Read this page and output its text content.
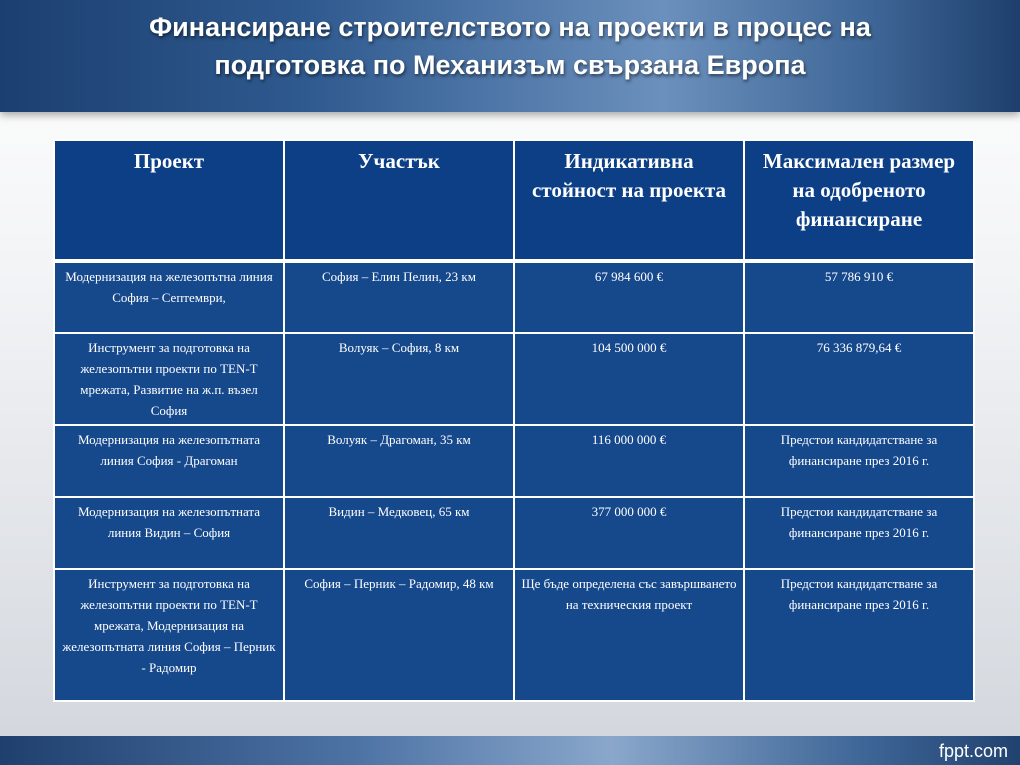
Финансиране строителството на проекти в процес на
подготовка по Механизъм свързана Европа
Проект	Участък	Индикативна стойност на проекта	Максимален размер на одобреното финансиране
Модернизация на железопътна линия София – Септември,	София – Елин Пелин, 23 км	67 984 600 €	57 786 910 €
Инструмент за подготовка на железопътни проекти по TEN-T мрежата, Развитие на ж.п. възел София	Волуяк – София, 8 км	104 500 000 €	76 336 879,64 €
Модернизация на железопътната линия София - Драгоман	Волуяк – Драгоман, 35 км	116 000 000 €	Предстои кандидатстване за финансиране през 2016 г.
Модернизация на железопътната линия Видин – София	Видин – Медковец, 65 км	377 000 000 €	Предстои кандидатстване за финансиране през 2016 г.
Инструмент за подготовка на железопътни проекти по TEN-T мрежата, Модернизация на железопътната линия София – Перник - Радомир	София – Перник – Радомир, 48 км	Ще бъде определена със завършването на техническия проект	Предстои кандидатстване за финансиране през 2016 г.
fppt.com
